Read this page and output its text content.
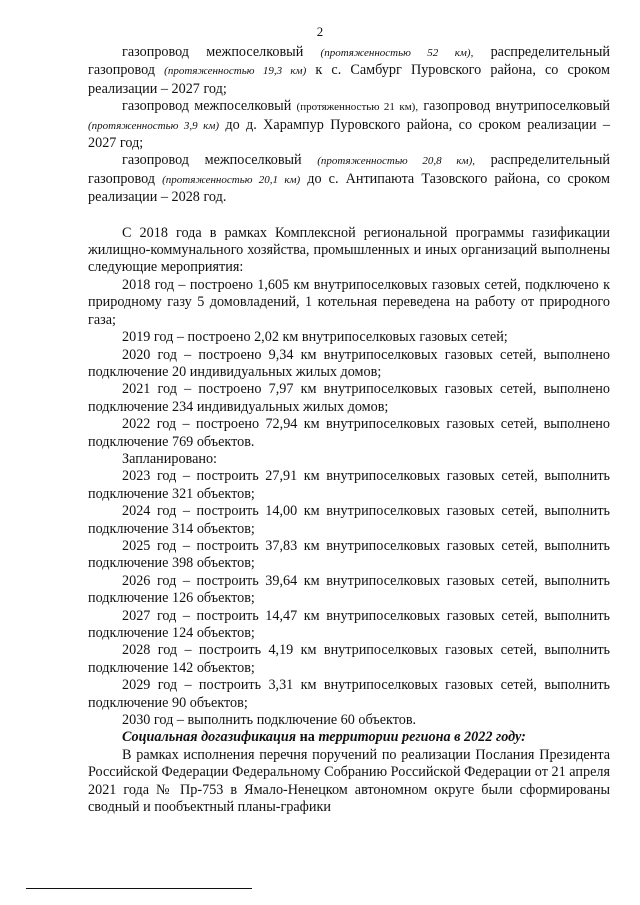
2

газопровод межпоселковый (протяженностью 52 км), распределительный газопровод (протяженностью 19,3 км) к с. Самбург Пуровского района, со сроком реализации – 2027 год;

газопровод межпоселковый (протяженностью 21 км), газопровод внутрипоселковый (протяженностью 3,9 км) до д. Харампур Пуровского района, со сроком реализации – 2027 год;

газопровод межпоселковый (протяженностью 20,8 км), распределительный газопровод (протяженностью 20,1 км) до с. Антипаюта Тазовского района, со сроком реализации – 2028 год.

С 2018 года в рамках Комплексной региональной программы газификации жилищно-коммунального хозяйства, промышленных и иных организаций выполнены следующие мероприятия:

2018 год – построено 1,605 км внутрипоселковых газовых сетей, подключено к природному газу 5 домовладений, 1 котельная переведена на работу от природного газа;

2019 год – построено 2,02 км внутрипоселковых газовых сетей;

2020 год – построено 9,34 км внутрипоселковых газовых сетей, выполнено подключение 20 индивидуальных жилых домов;

2021 год – построено 7,97 км внутрипоселковых газовых сетей, выполнено подключение 234 индивидуальных жилых домов;

2022 год – построено 72,94 км внутрипоселковых газовых сетей, выполнено подключение 769 объектов.

Запланировано:

2023 год – построить 27,91 км внутрипоселковых газовых сетей, выполнить подключение 321 объектов;

2024 год – построить 14,00 км внутрипоселковых газовых сетей, выполнить подключение 314 объектов;

2025 год – построить 37,83 км внутрипоселковых газовых сетей, выполнить подключение 398 объектов;

2026 год – построить 39,64 км внутрипоселковых газовых сетей, выполнить подключение 126 объектов;

2027 год – построить 14,47 км внутрипоселковых газовых сетей, выполнить подключение 124 объектов;

2028 год – построить 4,19 км внутрипоселковых газовых сетей, выполнить подключение 142 объектов;

2029 год – построить 3,31 км внутрипоселковых газовых сетей, выполнить подключение 90 объектов;

2030 год – выполнить подключение 60 объектов.

Социальная догазификация на территории региона в 2022 году:

В рамках исполнения перечня поручений по реализации Послания Президента Российской Федерации Федеральному Собранию Российской Федерации от 21 апреля 2021 года № Пр-753 в Ямало-Ненецком автономном округе были сформированы сводный и пообъектный планы-графики
